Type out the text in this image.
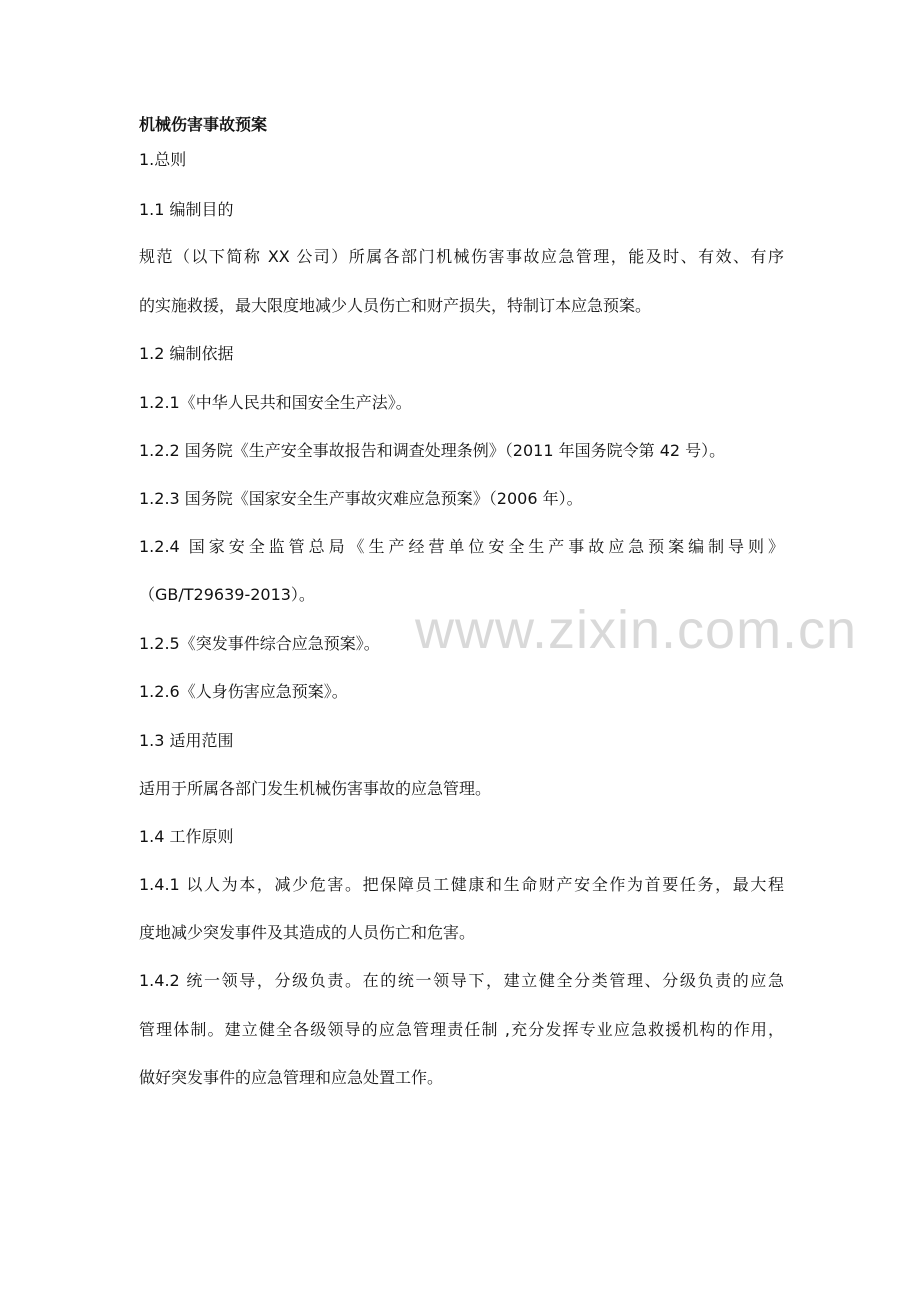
www.zixin.com.cn

机械伤害事故预案

1.总则

1.1 编制目的

规范（以下简称 XX 公司）所属各部门机械伤害事故应急管理，能及时、有效、有序

的实施救援，最大限度地减少人员伤亡和财产损失，特制订本应急预案。

1.2 编制依据

1.2.1《中华人民共和国安全生产法》。

1.2.2 国务院《生产安全事故报告和调查处理条例》（2011 年国务院令第 42 号）。

1.2.3 国务院《国家安全生产事故灾难应急预案》（2006 年）。

1.2.4 国家安全监管总局《生产经营单位安全生产事故应急预案编制导则》

（GB/T29639-2013）。

1.2.5《突发事件综合应急预案》。

1.2.6《人身伤害应急预案》。

1.3 适用范围

适用于所属各部门发生机械伤害事故的应急管理。

1.4 工作原则

1.4.1 以人为本，减少危害。把保障员工健康和生命财产安全作为首要任务，最大程

度地减少突发事件及其造成的人员伤亡和危害。

1.4.2 统一领导，分级负责。在的统一领导下，建立健全分类管理、分级负责的应急

管理体制。建立健全各级领导的应急管理责任制 ,充分发挥专业应急救援机构的作用，

做好突发事件的应急管理和应急处置工作。
